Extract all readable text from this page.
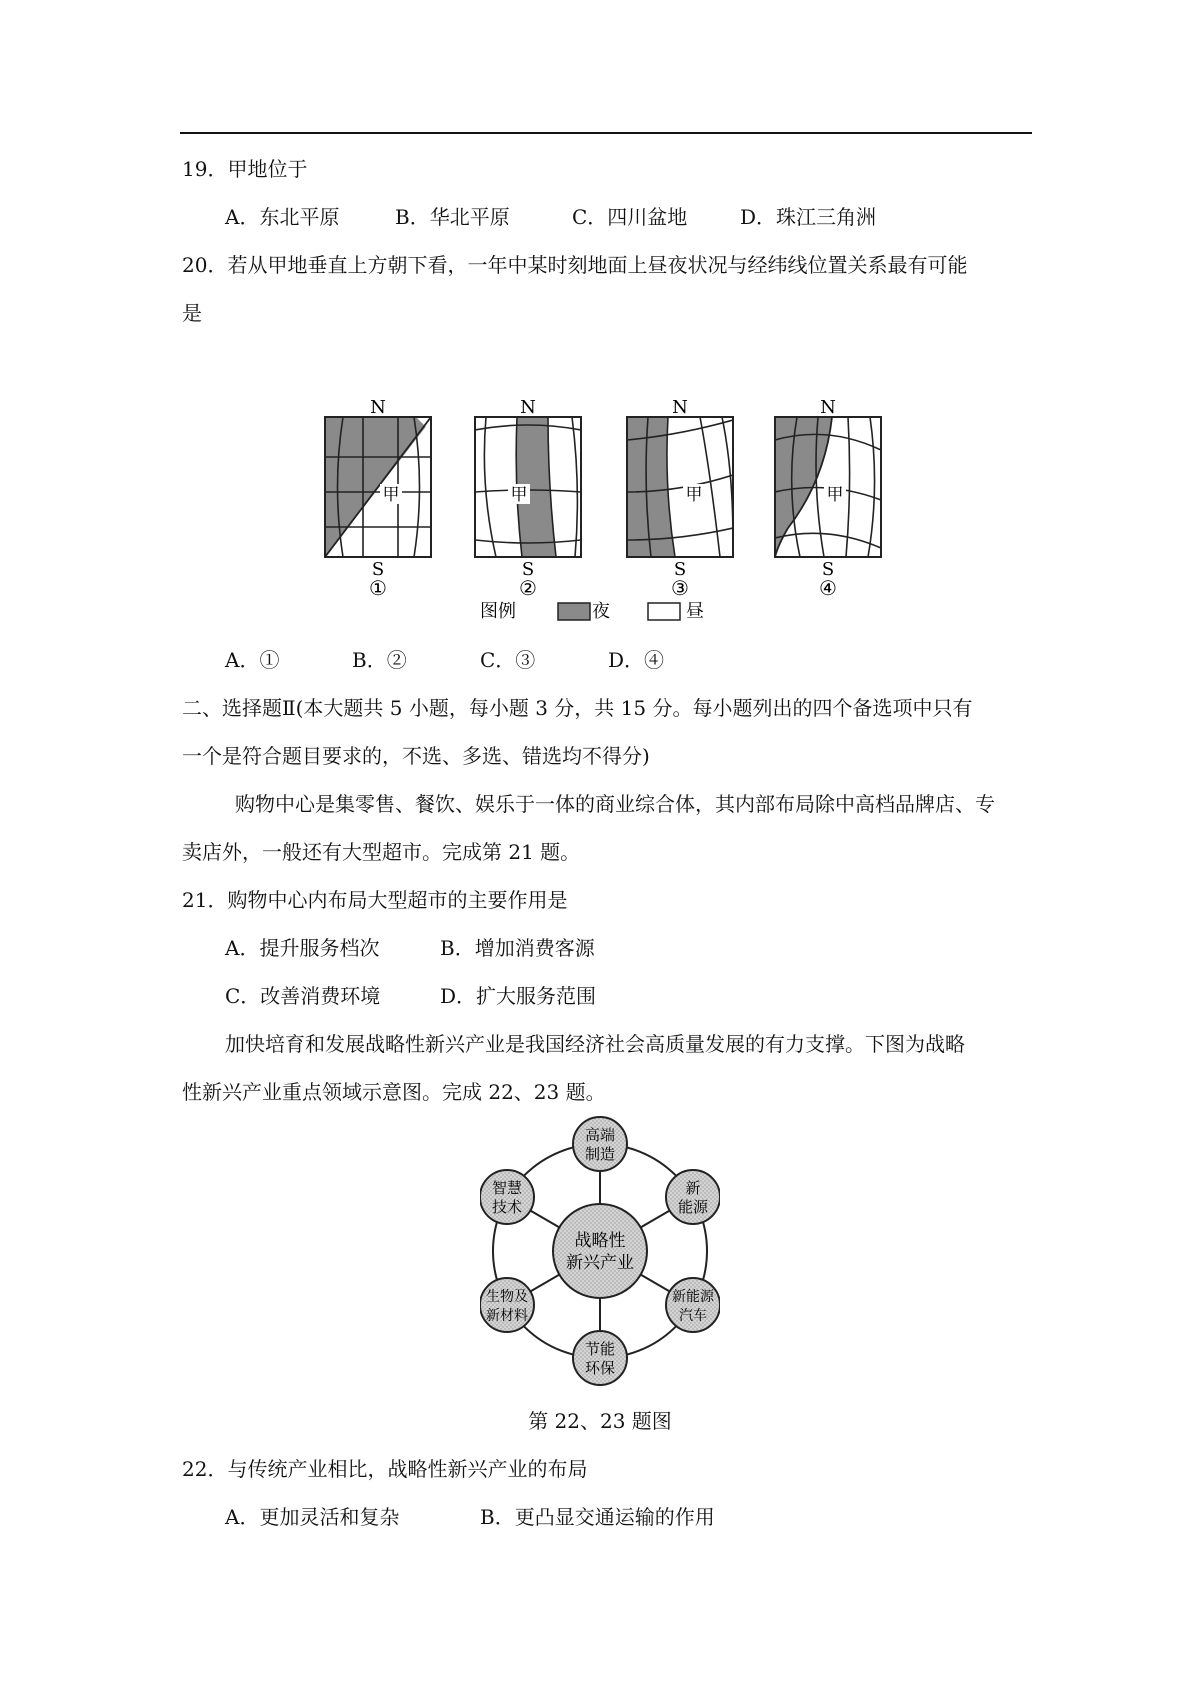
19．甲地位于
A．东北平原	B．华北平原	C．四川盆地	D．珠江三角洲
20．若从甲地垂直上方朝下看，一年中某时刻地面上昼夜状况与经纬线位置关系最有可能
是
甲	甲	甲	甲
N	N	N	N
S	S	S	S
①	②	③	④
图例	夜	昼
A．①	B．②	C．③	D．④
二、选择题Ⅱ(本大题共 5 小题，每小题 3 分，共 15 分。每小题列出的四个备选项中只有
一个是符合题目要求的，不选、多选、错选均不得分)
购物中心是集零售、餐饮、娱乐于一体的商业综合体，其内部布局除中高档品牌店、专
卖店外，一般还有大型超市。完成第 21 题。
21．购物中心内布局大型超市的主要作用是
A．提升服务档次	B．增加消费客源
C．改善消费环境	D．扩大服务范围
加快培育和发展战略性新兴产业是我国经济社会高质量发展的有力支撑。下图为战略
性新兴产业重点领域示意图。完成 22、23 题。
战略性
新兴产业
高端
制造
新
能源
新能源
汽车
节能
环保
生物及
新材料
智慧
技术
第 22、23 题图
22．与传统产业相比，战略性新兴产业的布局
A．更加灵活和复杂	B．更凸显交通运输的作用
